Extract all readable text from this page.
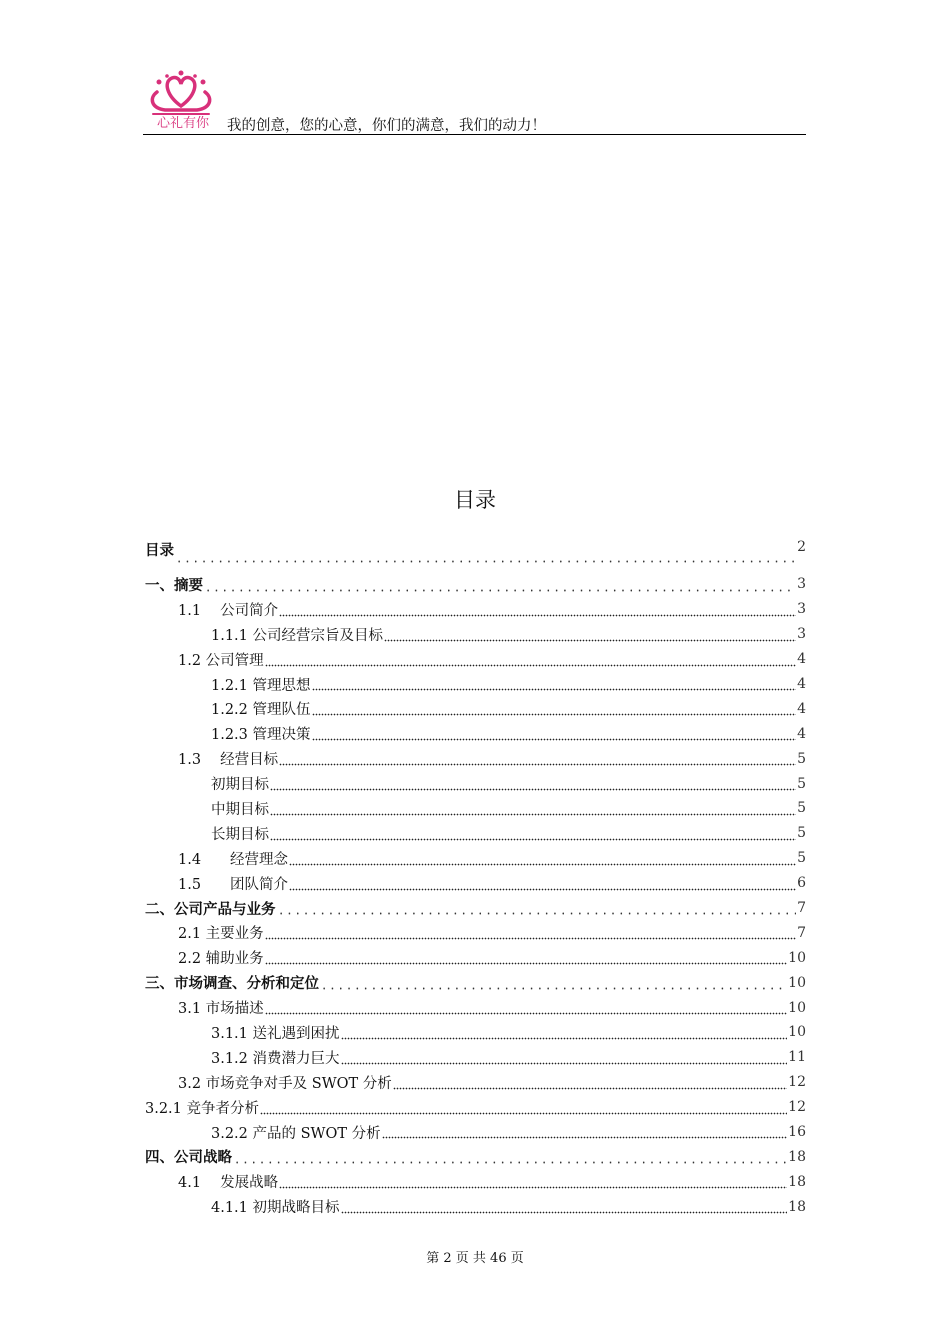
心礼有你 我的创意，您的心意，你们的满意，我们的动力！
目录
目录	2
一、摘要	3
1.1　 公司简介	3
1.1.1 公司经营宗旨及目标	3
1.2 公司管理	4
1.2.1 管理思想	4
1.2.2 管理队伍	4
1.2.3 管理决策	4
1.3　 经营目标	5
初期目标	5
中期目标	5
长期目标	5
1.4　　经营理念	5
1.5　　团队简介	6
二、公司产品与业务	7
2.1 主要业务	7
2.2 辅助业务	10
三、市场调查、分析和定位	10
3.1 市场描述	10
3.1.1 送礼遇到困扰	10
3.1.2 消费潜力巨大	11
3.2 市场竞争对手及 SWOT 分析	12
3.2.1 竞争者分析	12
3.2.2 产品的 SWOT 分析	16
四、公司战略	18
4.1　 发展战略	18
4.1.1 初期战略目标	18
第 2 页 共 46 页
